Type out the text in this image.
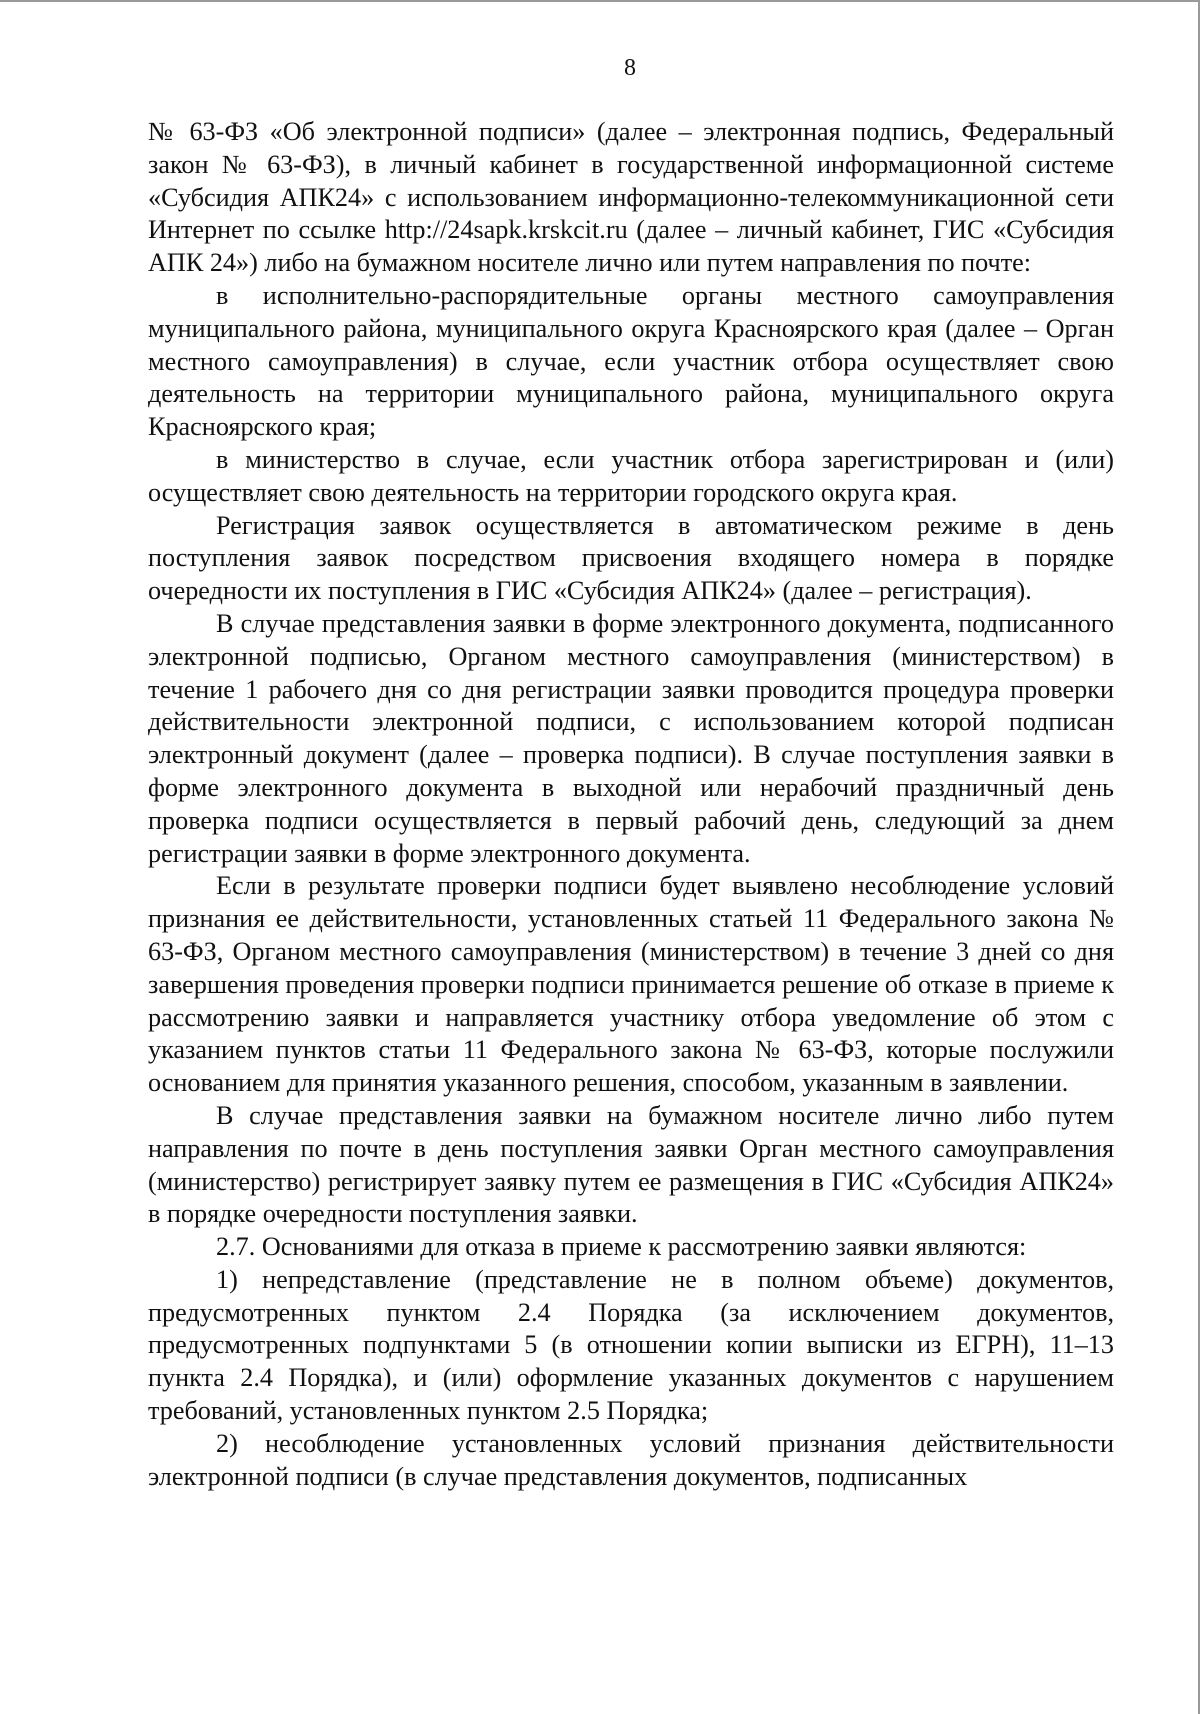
8

№ 63-ФЗ «Об электронной подписи» (далее – электронная подпись, Федеральный закон № 63-ФЗ), в личный кабинет в государственной информационной системе «Субсидия АПК24» с использованием информационно-телекоммуникационной сети Интернет по ссылке http://24sapk.krskcit.ru (далее – личный кабинет, ГИС «Субсидия АПК 24») либо на бумажном носителе лично или путем направления по почте:

в исполнительно-распорядительные органы местного самоуправления муниципального района, муниципального округа Красноярского края (далее – Орган местного самоуправления) в случае, если участник отбора осуществляет свою деятельность на территории муниципального района, муниципального округа Красноярского края;

в министерство в случае, если участник отбора зарегистрирован и (или) осуществляет свою деятельность на территории городского округа края.

Регистрация заявок осуществляется в автоматическом режиме в день поступления заявок посредством присвоения входящего номера в порядке очередности их поступления в ГИС «Субсидия АПК24» (далее – регистрация).

В случае представления заявки в форме электронного документа, подписанного электронной подписью, Органом местного самоуправления (министерством) в течение 1 рабочего дня со дня регистрации заявки проводится процедура проверки действительности электронной подписи, с использованием которой подписан электронный документ (далее – проверка подписи). В случае поступления заявки в форме электронного документа в выходной или нерабочий праздничный день проверка подписи осуществляется в первый рабочий день, следующий за днем регистрации заявки в форме электронного документа.

Если в результате проверки подписи будет выявлено несоблюдение условий признания ее действительности, установленных статьей 11 Федерального закона № 63-ФЗ, Органом местного самоуправления (министерством) в течение 3 дней со дня завершения проведения проверки подписи принимается решение об отказе в приеме к рассмотрению заявки и направляется участнику отбора уведомление об этом с указанием пунктов статьи 11 Федерального закона № 63-ФЗ, которые послужили основанием для принятия указанного решения, способом, указанным в заявлении.

В случае представления заявки на бумажном носителе лично либо путем направления по почте в день поступления заявки Орган местного самоуправления (министерство) регистрирует заявку путем ее размещения в ГИС «Субсидия АПК24» в порядке очередности поступления заявки.

2.7. Основаниями для отказа в приеме к рассмотрению заявки являются:

1) непредставление (представление не в полном объеме) документов, предусмотренных пунктом 2.4 Порядка (за исключением документов, предусмотренных подпунктами 5 (в отношении копии выписки из ЕГРН), 11–13 пункта 2.4 Порядка), и (или) оформление указанных документов с нарушением требований, установленных пунктом 2.5 Порядка;

2) несоблюдение установленных условий признания действительности электронной подписи (в случае представления документов, подписанных
